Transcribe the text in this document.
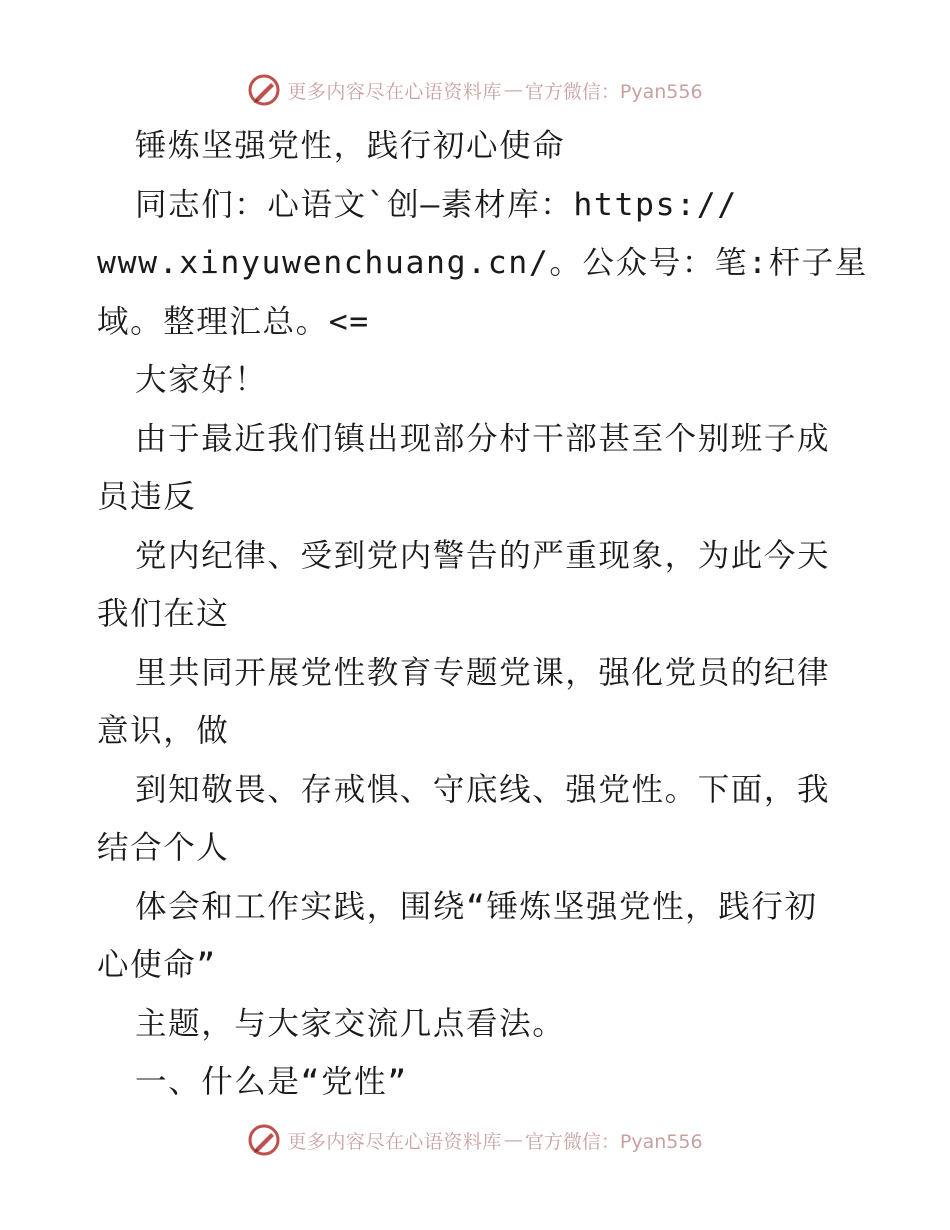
更多内容尽在心语资料库 — 官方微信：Pyan556
锤炼坚强党性，践行初心使命
同志们：心语文`创—素材库：https://
www.xinyuwenchuang.cn/。公众号：笔:杆子星
域。整理汇总。<=
大家好！
由于最近我们镇出现部分村干部甚至个别班子成
员违反
党内纪律、受到党内警告的严重现象，为此今天
我们在这
里共同开展党性教育专题党课，强化党员的纪律
意识，做
到知敬畏、存戒惧、守底线、强党性。下面，我
结合个人
体会和工作实践，围绕“锤炼坚强党性，践行初
心使命”
主题，与大家交流几点看法。
一、什么是“党性”
更多内容尽在心语资料库 — 官方微信：Pyan556
